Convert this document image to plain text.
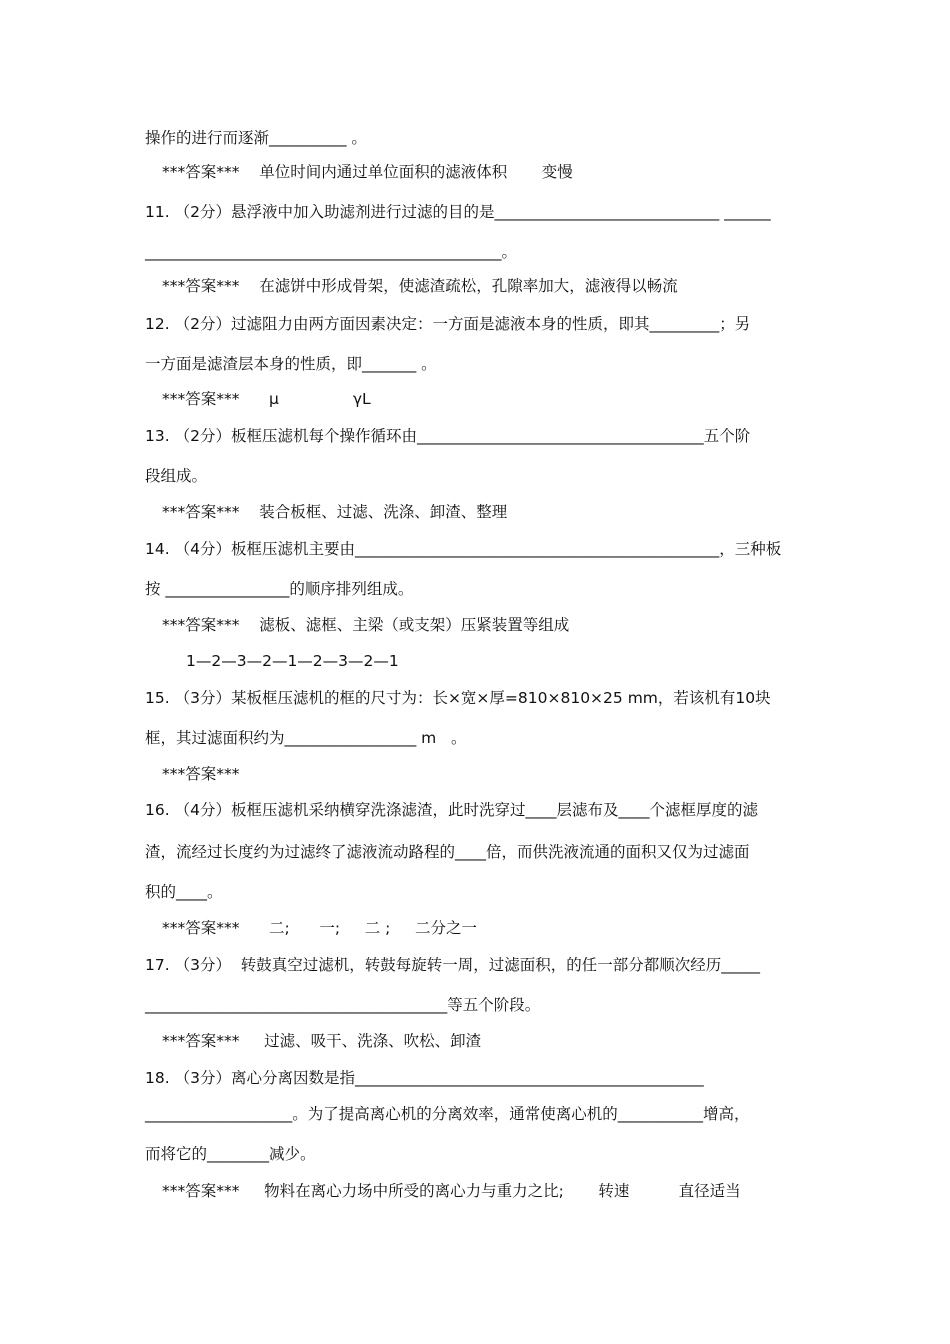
操作的进行而逐渐__________ 。
***答案***    单位时间内通过单位面积的滤液体积       变慢
11. （2分）悬浮液中加入助滤剂进行过滤的目的是_____________________________ ______
______________________________________________。
***答案***    在滤饼中形成骨架，使滤渣疏松，孔隙率加大，滤液得以畅流
12. （2分）过滤阻力由两方面因素决定：一方面是滤液本身的性质，即其_________；另
一方面是滤渣层本身的性质，即_______ 。
***答案***      μ               γL
13. （2分）板框压滤机每个操作循环由_____________________________________五个阶
段组成。
***答案***    装合板框、过滤、洗涤、卸渣、整理
14. （4分）板框压滤机主要由_______________________________________________，三种板
按 ________________的顺序排列组成。
***答案***    滤板、滤框、主梁（或支架）压紧装置等组成
1—2—3—2—1—2—3—2—1
15. （3分）某板框压滤机的框的尺寸为：长×宽×厚=810×810×25 mm，若该机有10块
框，其过滤面积约为_________________ m   。
***答案***
16. （4分）板框压滤机采纳横穿洗涤滤渣，此时洗穿过____层滤布及____个滤框厚度的滤
渣，流经过长度约为过滤终了滤液流动路程的____倍，而供洗液流通的面积又仅为过滤面
积的____。
***答案***      二;      一;     二 ;     二分之一
17. （3分）  转鼓真空过滤机，转鼓每旋转一周，过滤面积，的任一部分都顺次经历_____
_______________________________________等五个阶段。
***答案***     过滤、吸干、洗涤、吹松、卸渣
18. （3分）离心分离因数是指_____________________________________________
___________________。为了提高离心机的分离效率，通常使离心机的___________增高，
而将它的________减少。
***答案***     物料在离心力场中所受的离心力与重力之比;       转速          直径适当
